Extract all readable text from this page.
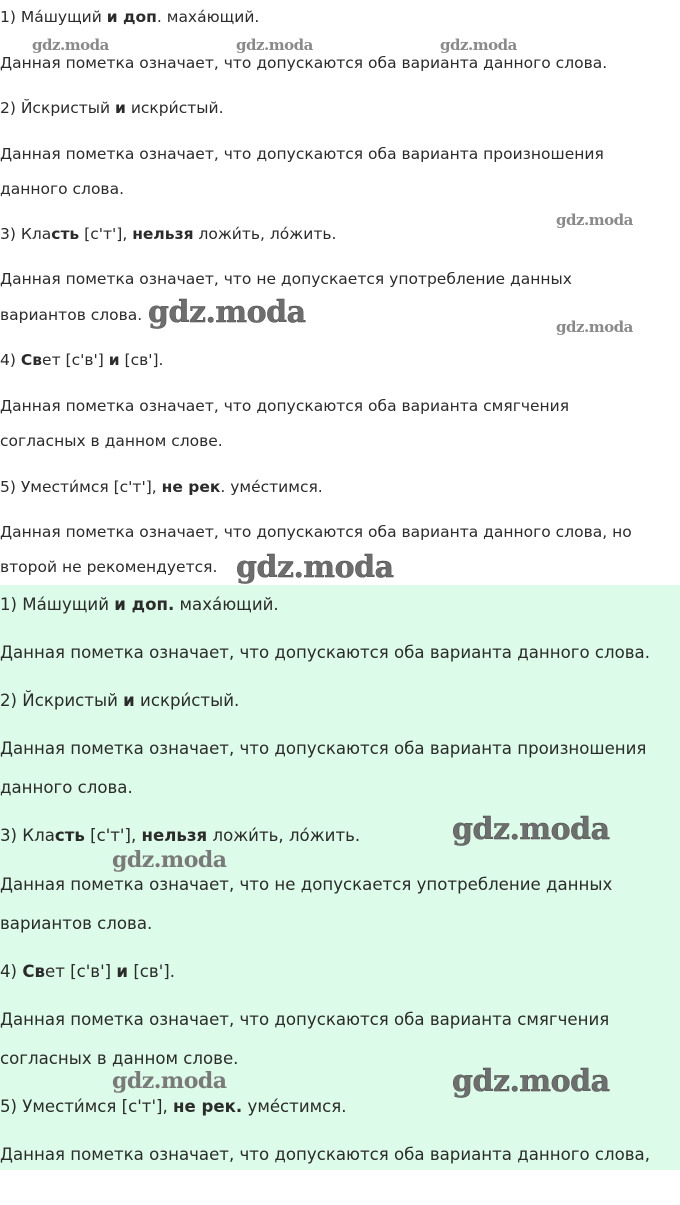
1) Ма́шущий и доп. маха́ющий.

Данная пометка означает, что допускаются оба варианта данного слова.

2) Йскристый и искри́стый.

Данная пометка означает, что допускаются оба варианта произношения

данного слова.

3) Класть [с'т'], нельзя ложи́ть, ло́жить.

Данная пометка означает, что не допускается употребление данных

вариантов слова.

4) Свет [с'в'] и [св'].

Данная пометка означает, что допускаются оба варианта смягчения

согласных в данном слове.

5) Умести́мся [с'т'], не рек. уме́стимся.

Данная пометка означает, что допускаются оба варианта данного слова, но

второй не рекомендуется.

gdz.moda	gdz.moda	gdz.moda
gdz.moda
gdz.moda	gdz.moda
gdz.moda

1) Ма́шущий и доп. маха́ющий.

Данная пометка означает, что допускаются оба варианта данного слова.

2) Йскристый и искри́стый.

Данная пометка означает, что допускаются оба варианта произношения

данного слова.

3) Класть [с'т'], нельзя ложи́ть, ло́жить.

Данная пометка означает, что не допускается употребление данных

вариантов слова.

4) Свет [с'в'] и [св'].

Данная пометка означает, что допускаются оба варианта смягчения

согласных в данном слове.

5) Умести́мся [с'т'], не рек. уме́стимся.

Данная пометка означает, что допускаются оба варианта данного слова,

gdz.moda
gdz.moda
gdz.moda	gdz.moda
